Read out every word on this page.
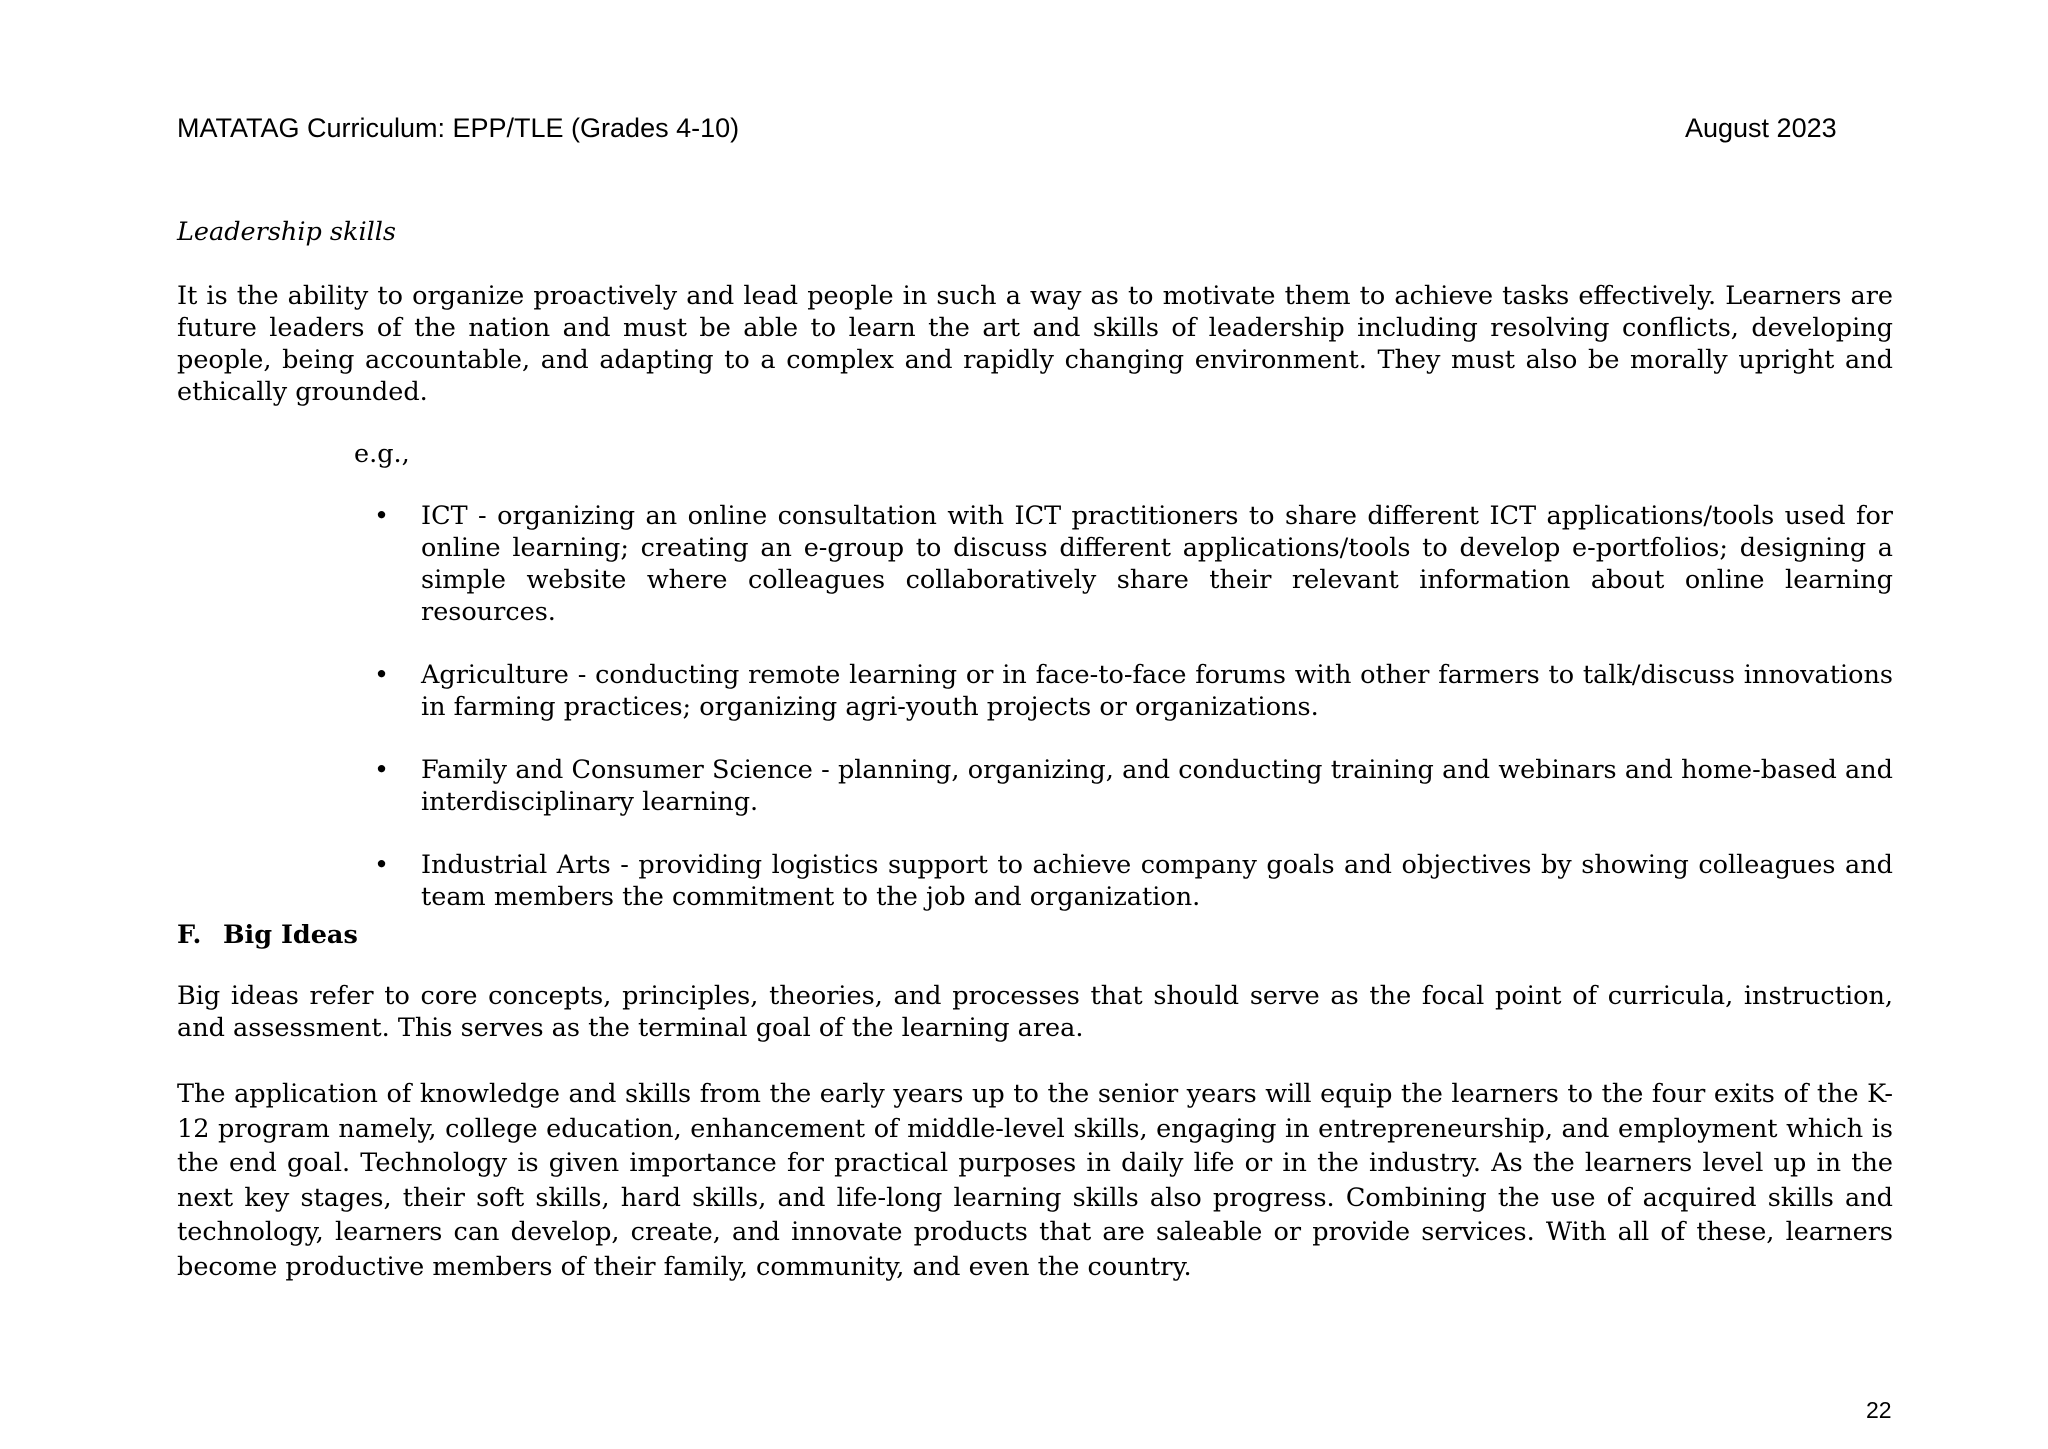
MATATAG Curriculum: EPP/TLE (Grades 4-10)	August 2023

Leadership skills

It is the ability to organize proactively and lead people in such a way as to motivate them to achieve tasks effectively. Learners are future leaders of the nation and must be able to learn the art and skills of leadership including resolving conflicts, developing people, being accountable, and adapting to a complex and rapidly changing environment. They must also be morally upright and ethically grounded.

e.g.,

• ICT - organizing an online consultation with ICT practitioners to share different ICT applications/tools used for online learning; creating an e-group to discuss different applications/tools to develop e-portfolios; designing a simple website where colleagues collaboratively share their relevant information about online learning resources.
• Agriculture - conducting remote learning or in face-to-face forums with other farmers to talk/discuss innovations in farming practices; organizing agri-youth projects or organizations.
• Family and Consumer Science - planning, organizing, and conducting training and webinars and home-based and interdisciplinary learning.
• Industrial Arts - providing logistics support to achieve company goals and objectives by showing colleagues and team members the commitment to the job and organization.

F. Big Ideas

Big ideas refer to core concepts, principles, theories, and processes that should serve as the focal point of curricula, instruction, and assessment. This serves as the terminal goal of the learning area.

The application of knowledge and skills from the early years up to the senior years will equip the learners to the four exits of the K-12 program namely, college education, enhancement of middle-level skills, engaging in entrepreneurship, and employment which is the end goal. Technology is given importance for practical purposes in daily life or in the industry. As the learners level up in the next key stages, their soft skills, hard skills, and life-long learning skills also progress. Combining the use of acquired skills and technology, learners can develop, create, and innovate products that are saleable or provide services. With all of these, learners become productive members of their family, community, and even the country.

22
